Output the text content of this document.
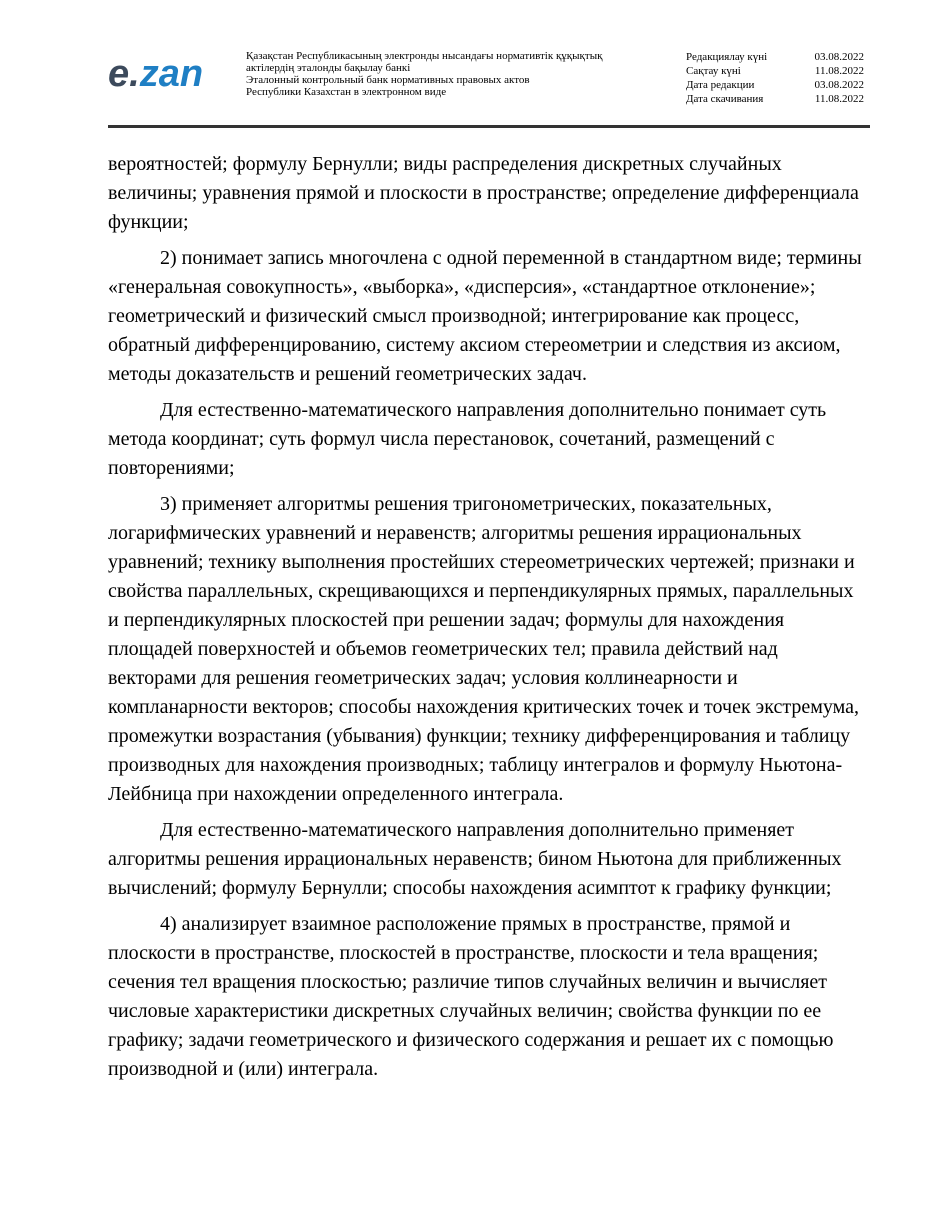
e.zan	Қазақстан Республикасының электронды нысандағы нормативтік құқықтық
актілердің эталонды бақылау банкі
Эталонный контрольный банк нормативных правовых актов
Республики Казахстан в электронном виде
Редакциялау күні	03.08.2022
Сақтау күні	11.08.2022
Дата редакции	03.08.2022
Дата скачивания	11.08.2022

вероятностей; формулу Бернулли; виды распределения дискретных случайных величины; уравнения прямой и плоскости в пространстве; определение дифференциала функции;

2) понимает запись многочлена с одной переменной в стандартном виде; термины «генеральная совокупность», «выборка», «дисперсия», «стандартное отклонение»; геометрический и физический смысл производной; интегрирование как процесс, обратный дифференцированию, систему аксиом стереометрии и следствия из аксиом, методы доказательств и решений геометрических задач.

Для естественно-математического направления дополнительно понимает суть метода координат; суть формул числа перестановок, сочетаний, размещений с повторениями;

3) применяет алгоритмы решения тригонометрических, показательных, логарифмических уравнений и неравенств; алгоритмы решения иррациональных уравнений; технику выполнения простейших стереометрических чертежей; признаки и свойства параллельных, скрещивающихся и перпендикулярных прямых, параллельных и перпендикулярных плоскостей при решении задач; формулы для нахождения площадей поверхностей и объемов геометрических тел; правила действий над векторами для решения геометрических задач; условия коллинеарности и компланарности векторов; способы нахождения критических точек и точек экстремума, промежутки возрастания (убывания) функции; технику дифференцирования и таблицу производных для нахождения производных; таблицу интегралов и формулу Ньютона-Лейбница при нахождении определенного интеграла.

Для естественно-математического направления дополнительно применяет алгоритмы решения иррациональных неравенств; бином Ньютона для приближенных вычислений; формулу Бернулли; способы нахождения асимптот к графику функции;

4) анализирует взаимное расположение прямых в пространстве, прямой и плоскости в пространстве, плоскостей в пространстве, плоскости и тела вращения; сечения тел вращения плоскостью; различие типов случайных величин и вычисляет числовые характеристики дискретных случайных величин; свойства функции по ее графику; задачи геометрического и физического содержания и решает их с помощью производной и (или) интеграла.
